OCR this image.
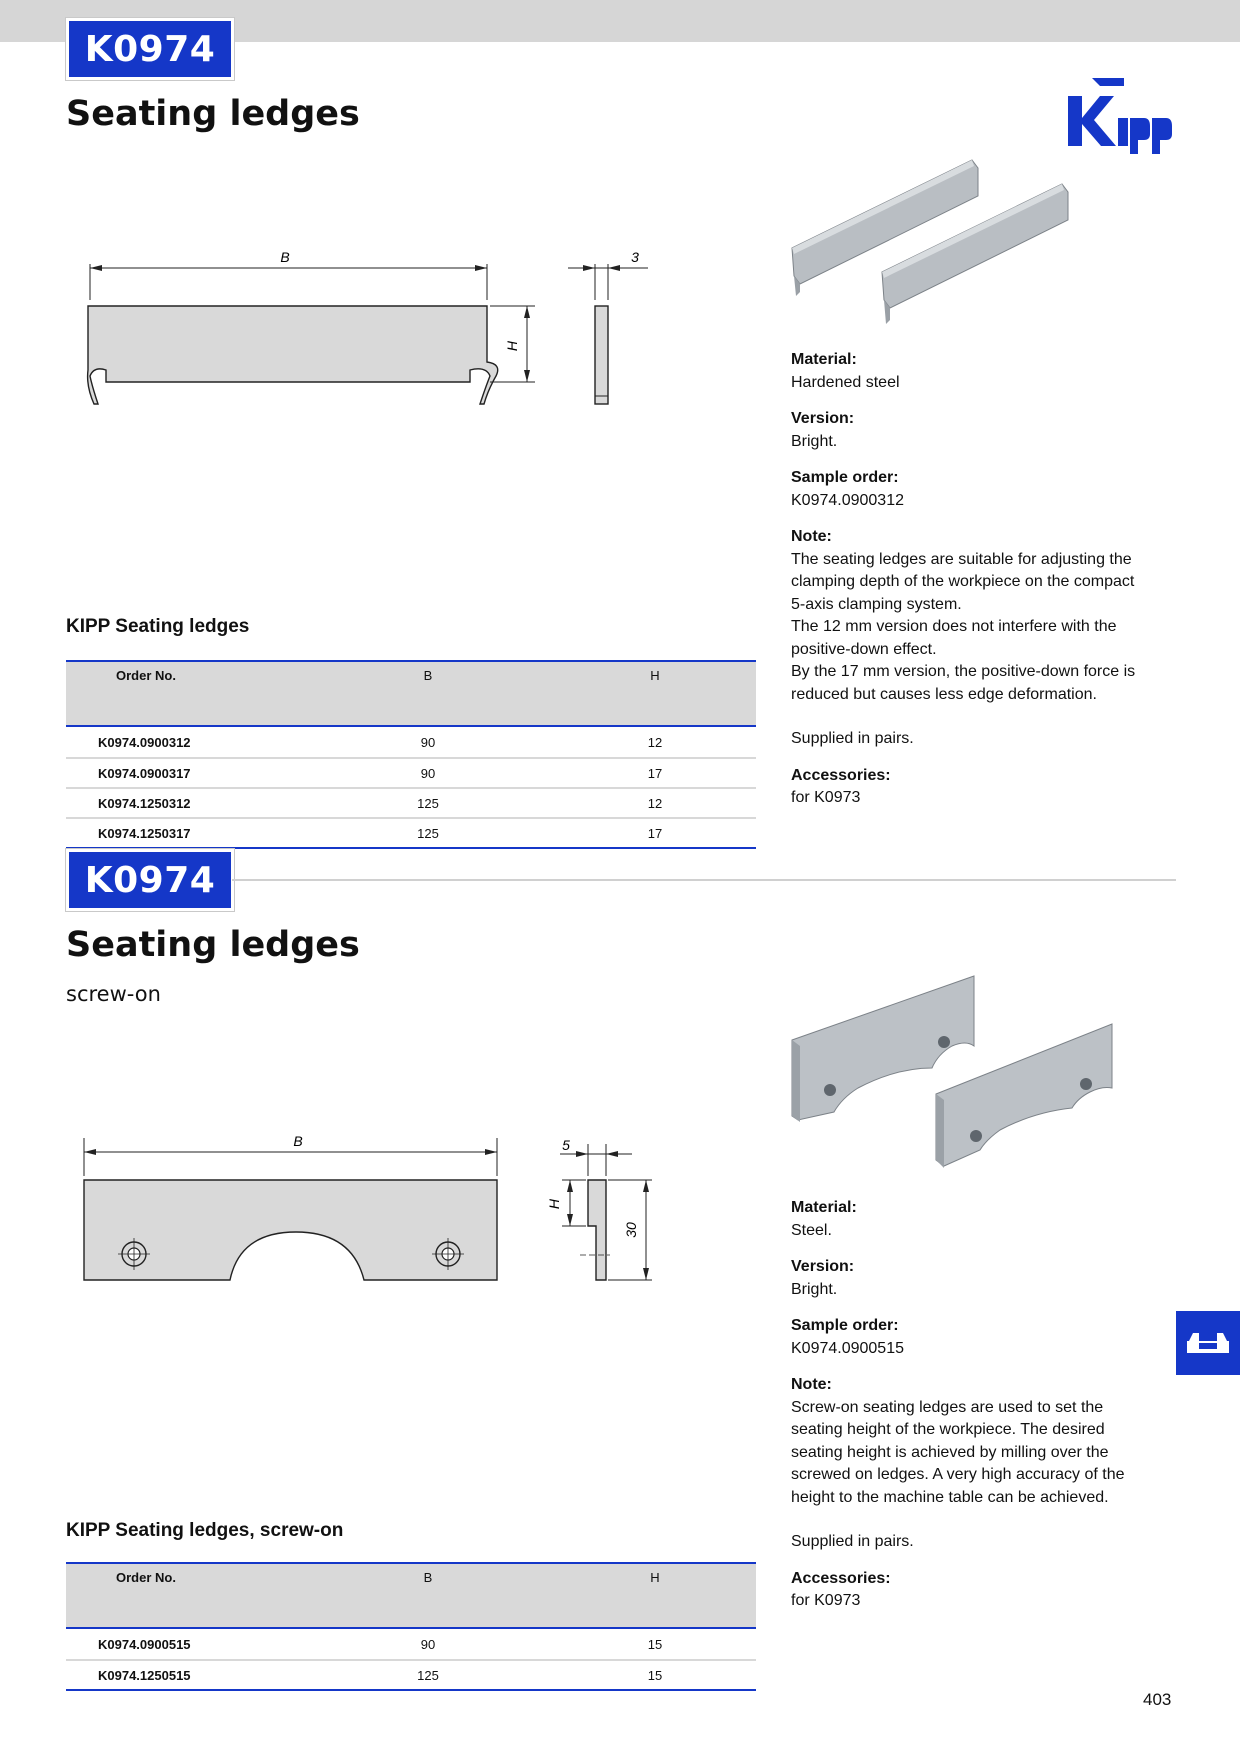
K0974
Seating ledges
B
H
3
KIPP Seating ledges
Order No.	B	H
K0974.0900312	90	12
K0974.0900317	90	17
K0974.1250312	125	12
K0974.1250317	125	17

Material:

Hardened steel

Version:

Bright.

Sample order:

K0974.0900312

Note:

The seating ledges are suitable for adjusting the clamping depth of the workpiece on the compact 5-axis clamping system.

The 12 mm version does not interfere with the positive-down effect.

By the 17 mm version, the positive-down force is reduced but causes less edge deformation.

Supplied in pairs.

Accessories:

for K0973

K0974
Seating ledges

screw-on

B	5
H
30
KIPP Seating ledges, screw-on
Order No.	B	H
K0974.0900515	90	15
K0974.1250515	125	15

Material:

Steel.

Version:

Bright.

Sample order:

K0974.0900515

Note:

Screw-on seating ledges are used to set the seating height of the workpiece. The desired seating height is achieved by milling over the screwed on ledges. A very high accuracy of the height to the machine table can be achieved.

Supplied in pairs.

Accessories:

for K0973

403
